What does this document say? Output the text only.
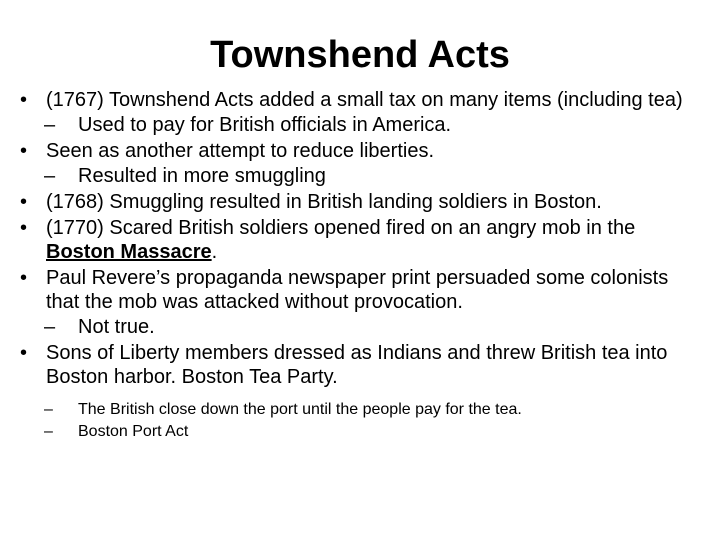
Townshend Acts
• (1767) Townshend Acts added a small tax on many items (including tea)
– Used to pay for British officials in America.
• Seen as another attempt to reduce liberties.
– Resulted in more smuggling
• (1768) Smuggling resulted in British landing soldiers in Boston.
• (1770) Scared British soldiers opened fired on an angry mob in the Boston Massacre.
• Paul Revere’s propaganda newspaper print persuaded some colonists that the mob was attacked without provocation.
– Not true.
• Sons of Liberty members dressed as Indians and threw British tea into Boston harbor. Boston Tea Party.
– The British close down the port until the people pay for the tea.
– Boston Port Act
